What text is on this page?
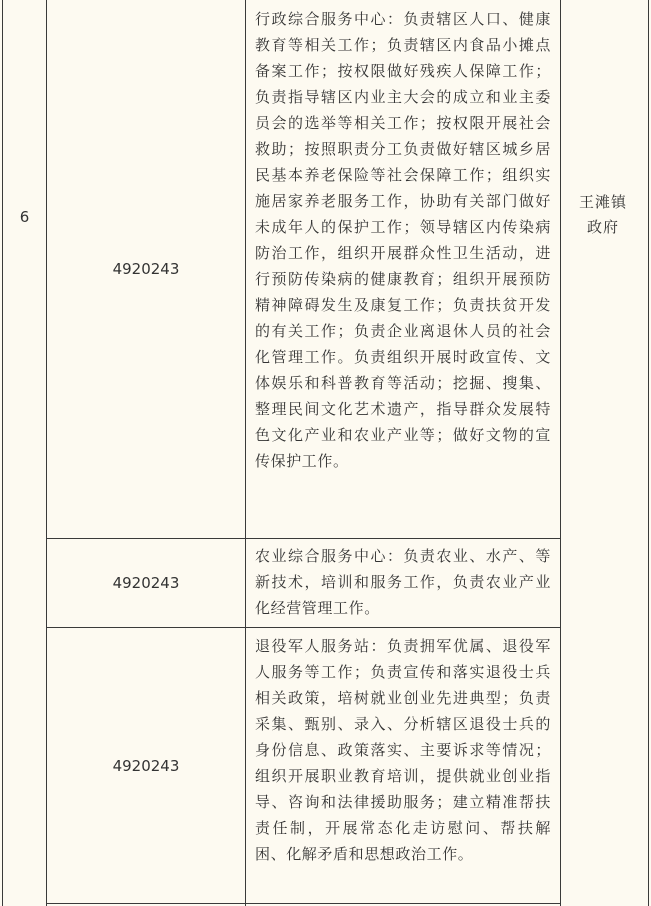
6
4920243
行政综合服务中心：负责辖区人口、健康教育等相关工作；负责辖区内食品小摊点备案工作；按权限做好残疾人保障工作；负责指导辖区内业主大会的成立和业主委员会的选举等相关工作；按权限开展社会救助；按照职责分工负责做好辖区城乡居民基本养老保险等社会保障工作；组织实施居家养老服务工作，协助有关部门做好未成年人的保护工作；领导辖区内传染病防治工作，组织开展群众性卫生活动，进行预防传染病的健康教育；组织开展预防精神障碍发生及康复工作；负责扶贫开发的有关工作；负责企业离退休人员的社会化管理工作。负责组织开展时政宣传、文体娱乐和科普教育等活动；挖掘、搜集、整理民间文化艺术遗产，指导群众发展特色文化产业和农业产业等；做好文物的宣传保护工作。
4920243
农业综合服务中心：负责农业、水产、等新技术，培训和服务工作，负责农业产业化经营管理工作。
4920243
退役军人服务站：负责拥军优属、退役军人服务等工作；负责宣传和落实退役士兵相关政策，培树就业创业先进典型；负责采集、甄别、录入、分析辖区退役士兵的身份信息、政策落实、主要诉求等情况；组织开展职业教育培训，提供就业创业指导、咨询和法律援助服务；建立精准帮扶责任制，开展常态化走访慰问、帮扶解困、化解矛盾和思想政治工作。
王滩镇政府
